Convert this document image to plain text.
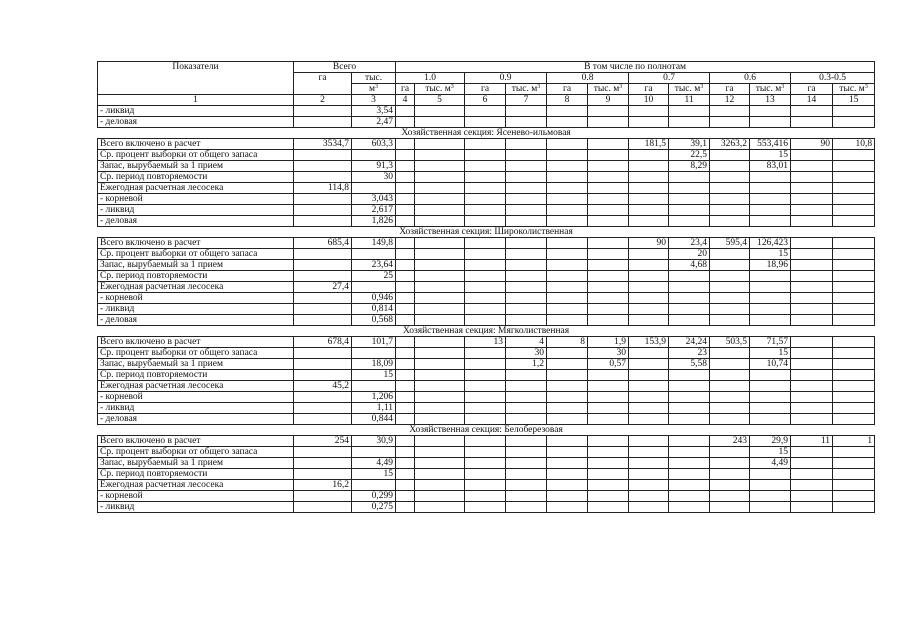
Показатели	Всего		В том числе по полнотам											
	га	тыс.	1.0		0.9		0.8		0.7		0.6		0.3-0.5	
		$м^3$	га	тыс. $м^3$	га	тыс. $м^3$	га	тыс. $м^3$	га	тыс. $м^3$	га	тыс. $м^3$	га	тыс. $м^3$
1	2	3	4	5	6	7	8	9	10	11	12	13	14	15
- ликвид		3,54												
- деловая		2,47												
Хозяйственная секция: Ясенево-ильмовая														
Всего включено в расчет	3534,7	603,3							181,5	39,1	3263,2	553,416	90	10,8
Ср. процент выборки от общего запаса										22,5		15		
Запас, вырубаемый за 1 прием		91,3								8,29		83,01		
Ср. период повторяемости		30												
Ежегодная расчетная лесосека	114,8													
- корневой		3,043												
- ликвид		2,617												
- деловая		1,826												
Хозяйственная секция: Широколиственная														
Всего включено в расчет	685,4	149,8							90	23,4	595,4	126,423		
Ср. процент выборки от общего запаса										20		15		
Запас, вырубаемый за 1 прием		23,64								4,68		18,96		
Ср. период повторяемости		25												
Ежегодная расчетная лесосека	27,4													
- корневой		0,946												
- ликвид		0,814												
- деловая		0,568												
Хозяйственная секция: Мягколиственная														
Всего включено в расчет	678,4	101,7			13	4	8	1,9	153,9	24,24	503,5	71,57		
Ср. процент выборки от общего запаса						30		30		23		15		
Запас, вырубаемый за 1 прием		18,09				1,2		0,57		5,58		10,74		
Ср. период повторяемости		15												
Ежегодная расчетная лесосека	45,2													
- корневой		1,206												
- ликвид		1,11												
- деловая		0,844												
Хозяйственная секция: Белоберезовая														
Всего включено в расчет	254	30,9									243	29,9	11	1
Ср. процент выборки от общего запаса												15		
Запас, вырубаемый за 1 прием		4,49										4,49		
Ср. период повторяемости		15												
Ежегодная расчетная лесосека	16,2													
- корневой		0,299												
- ликвид		0,275												
